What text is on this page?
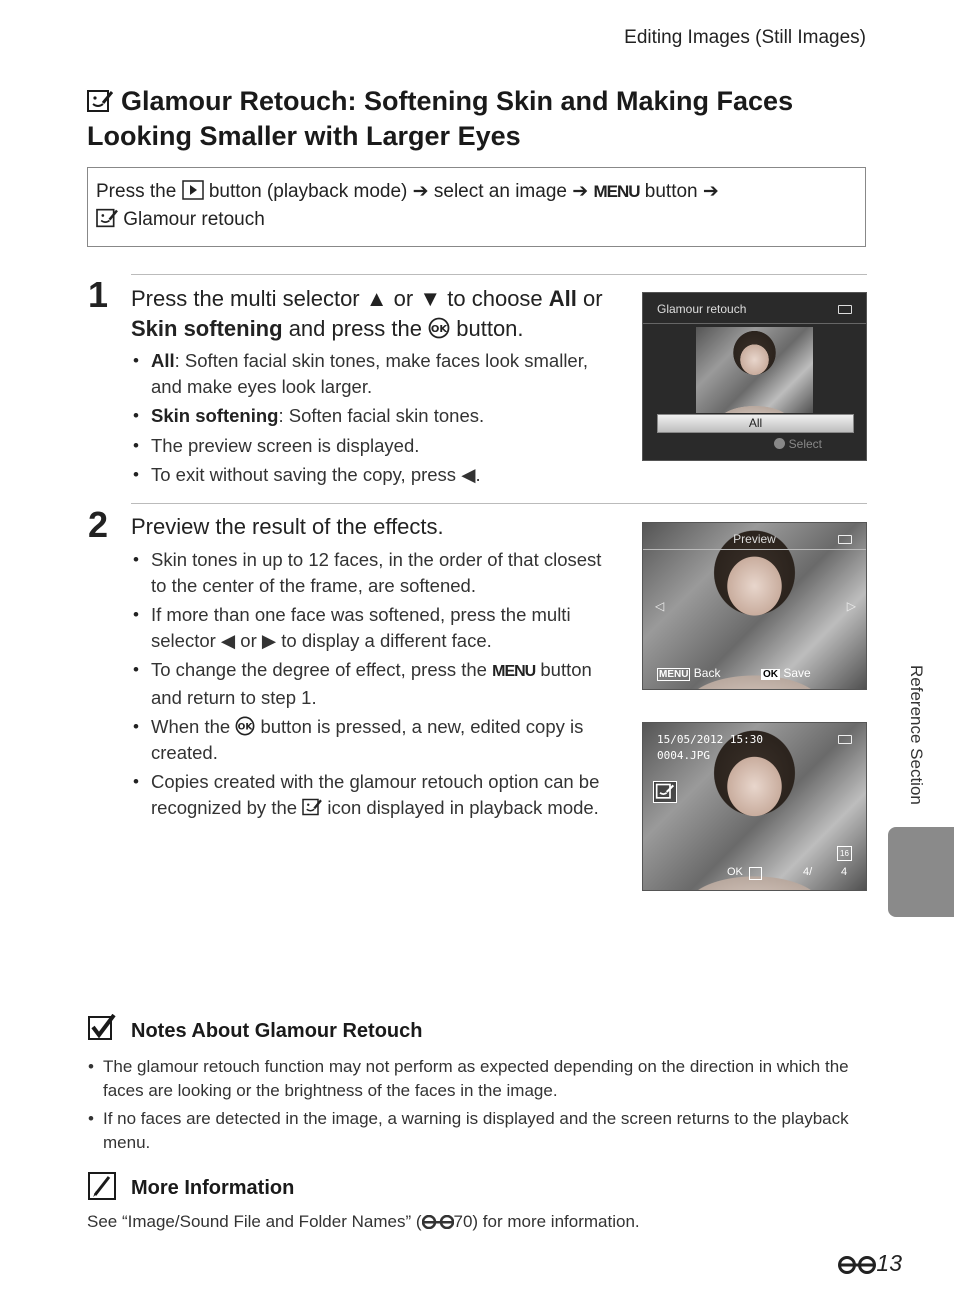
Editing Images (Still Images)
Glamour Retouch: Softening Skin and Making Faces Looking Smaller with Larger Eyes
Press the button (playback mode) ➔ select an image ➔ MENU button ➔

Glamour retouch
1 Press the multi selector ▲ or ▼ to choose All or Skin softening and press the OK button.
• All: Soften facial skin tones, make faces look smaller, and make eyes look larger.
• Skin softening: Soften facial skin tones.
• The preview screen is displayed.
• To exit without saving the copy, press ◀.
Glamour retouch
All
Select
2 Preview the result of the effects.
• Skin tones in up to 12 faces, in the order of that closest to the center of the frame, are softened.
• If more than one face was softened, press the multi selector ◀ or ▶ to display a different face.
• To change the degree of effect, press the MENU button and return to step 1.
• When the OK button is pressed, a new, edited copy is created.
• Copies created with the glamour retouch option can be recognized by the icon displayed in playback mode.
Preview
◁	▷
MENU Back	OK Save
15/05/2012 15:30
0004.JPG
16
OK	4/	4
Reference Section
Notes About Glamour Retouch
• The glamour retouch function may not perform as expected depending on the direction in which the faces are looking or the brightness of the faces in the image.
• If no faces are detected in the image, a warning is displayed and the screen returns to the playback menu.
More Information
See “Image/Sound File and Folder Names” ( 70) for more information.
13
